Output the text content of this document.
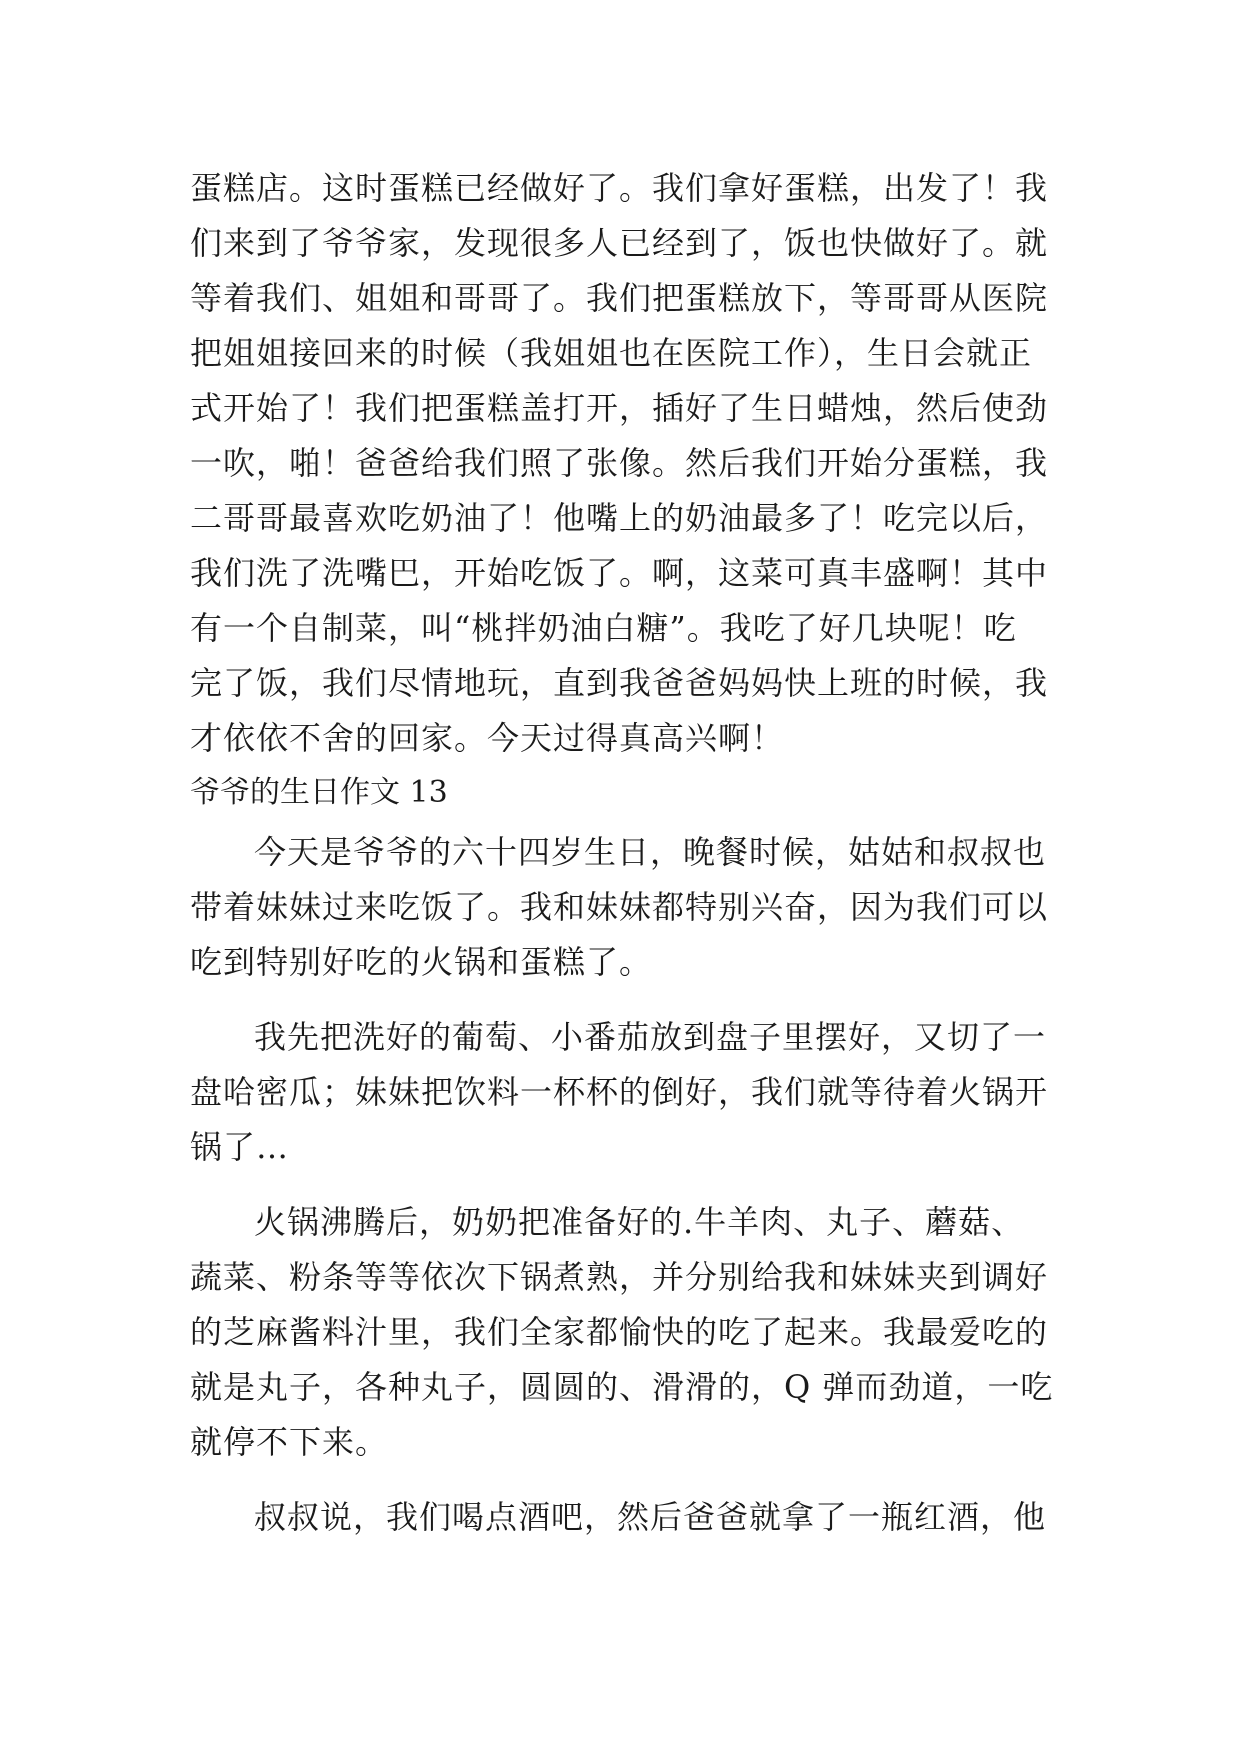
蛋糕店。这时蛋糕已经做好了。我们拿好蛋糕，出发了！我
们来到了爷爷家，发现很多人已经到了，饭也快做好了。就
等着我们、姐姐和哥哥了。我们把蛋糕放下，等哥哥从医院
把姐姐接回来的时候（我姐姐也在医院工作），生日会就正
式开始了！我们把蛋糕盖打开，插好了生日蜡烛，然后使劲
一吹，啪！爸爸给我们照了张像。然后我们开始分蛋糕，我
二哥哥最喜欢吃奶油了！他嘴上的奶油最多了！吃完以后，
我们洗了洗嘴巴，开始吃饭了。啊，这菜可真丰盛啊！其中
有一个自制菜，叫“桃拌奶油白糖”。我吃了好几块呢！吃
完了饭，我们尽情地玩，直到我爸爸妈妈快上班的时候，我
才依依不舍的回家。今天过得真高兴啊！
爷爷的生日作文 13
今天是爷爷的六十四岁生日，晚餐时候，姑姑和叔叔也
带着妹妹过来吃饭了。我和妹妹都特别兴奋，因为我们可以
吃到特别好吃的火锅和蛋糕了。
我先把洗好的葡萄、小番茄放到盘子里摆好，又切了一
盘哈密瓜；妹妹把饮料一杯杯的倒好，我们就等待着火锅开
锅了…
火锅沸腾后，奶奶把准备好的.牛羊肉、丸子、蘑菇、
蔬菜、粉条等等依次下锅煮熟，并分别给我和妹妹夹到调好
的芝麻酱料汁里，我们全家都愉快的吃了起来。我最爱吃的
就是丸子，各种丸子，圆圆的、滑滑的，Q 弹而劲道，一吃
就停不下来。
叔叔说，我们喝点酒吧，然后爸爸就拿了一瓶红酒，他
